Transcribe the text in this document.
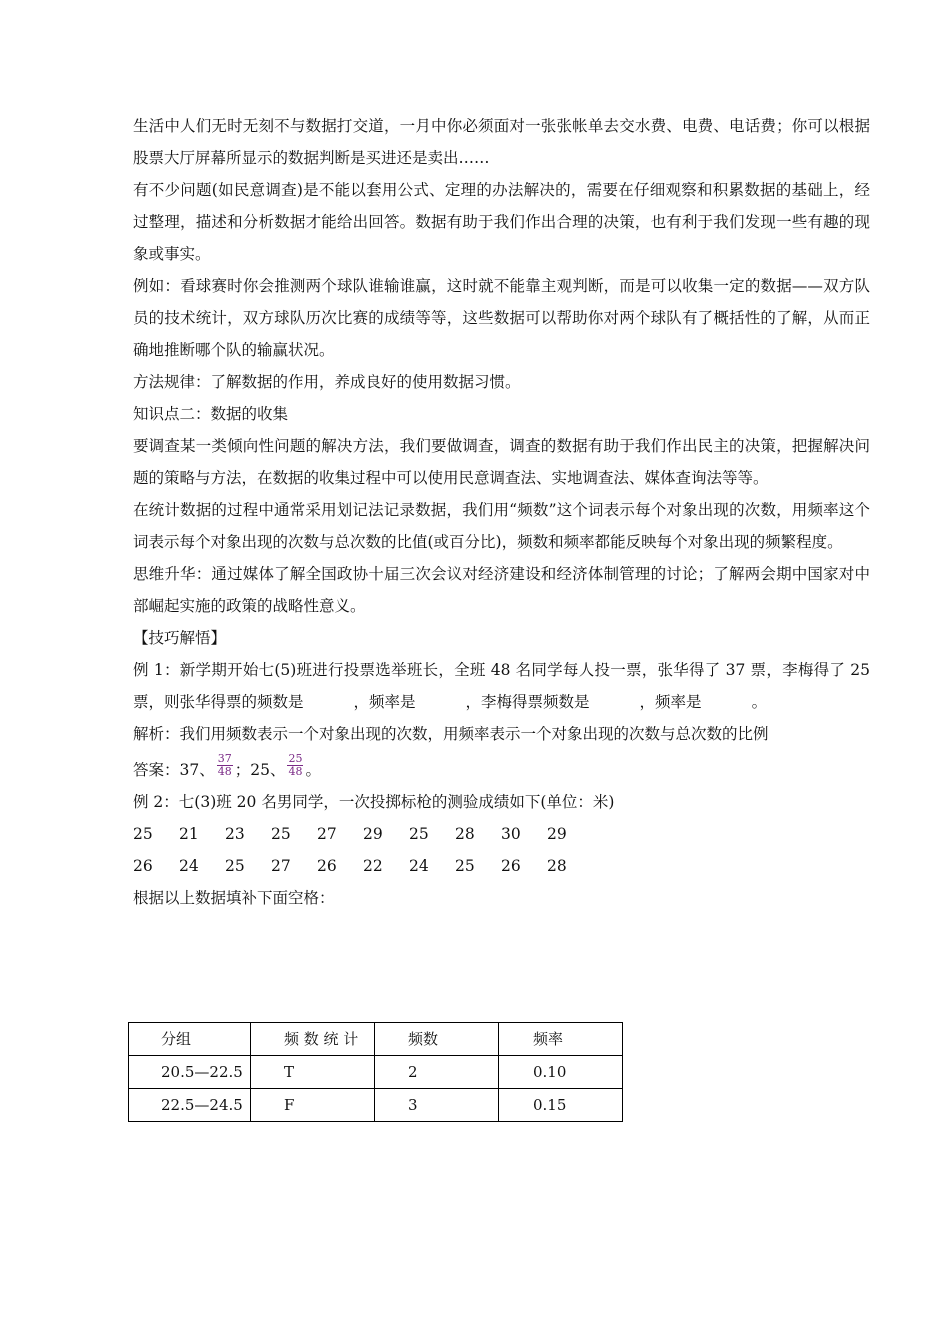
生活中人们无时无刻不与数据打交道，一月中你必须面对一张张帐单去交水费、电费、电话费；你可以根据股票大厅屏幕所显示的数据判断是买进还是卖出……

有不少问题(如民意调查)是不能以套用公式、定理的办法解决的，需要在仔细观察和积累数据的基础上，经过整理，描述和分析数据才能给出回答。数据有助于我们作出合理的决策，也有利于我们发现一些有趣的现象或事实。

例如：看球赛时你会推测两个球队谁输谁赢，这时就不能靠主观判断，而是可以收集一定的数据——双方队员的技术统计，双方球队历次比赛的成绩等等，这些数据可以帮助你对两个球队有了概括性的了解，从而正确地推断哪个队的输赢状况。

方法规律：了解数据的作用，养成良好的使用数据习惯。

知识点二：数据的收集

要调查某一类倾向性问题的解决方法，我们要做调查，调查的数据有助于我们作出民主的决策，把握解决问题的策略与方法，在数据的收集过程中可以使用民意调查法、实地调查法、媒体查询法等等。

在统计数据的过程中通常采用划记法记录数据，我们用“频数”这个词表示每个对象出现的次数，用频率这个词表示每个对象出现的次数与总次数的比值(或百分比)，频数和频率都能反映每个对象出现的频繁程度。

思维升华：通过媒体了解全国政协十届三次会议对经济建设和经济体制管理的讨论；了解两会期中国家对中部崛起实施的政策的战略性意义。

【技巧解悟】

例 1：新学期开始七(5)班进行投票选举班长，全班 48 名同学每人投一票，张华得了 37 票，李梅得了 25 票，则张华得票的频数是	，频率是	，李梅得票频数是	，频率是	。

解析：我们用频数表示一个对象出现的次数，用频率表示一个对象出现的次数与总次数的比例

答案：37、 $\frac{37}{48}$ ；25、 $\frac{25}{48}$ 。

例 2：七(3)班 20 名男同学，一次投掷标枪的测验成绩如下(单位：米)

25	21	23	25	27	29	25	28	30	29
26	24	25	27	26	22	24	25	26	28

根据以上数据填补下面空格：

分组	频 数 统 计	频数	频率
20.5—22.5	T	2	0.10
22.5—24.5	F	3	0.15
